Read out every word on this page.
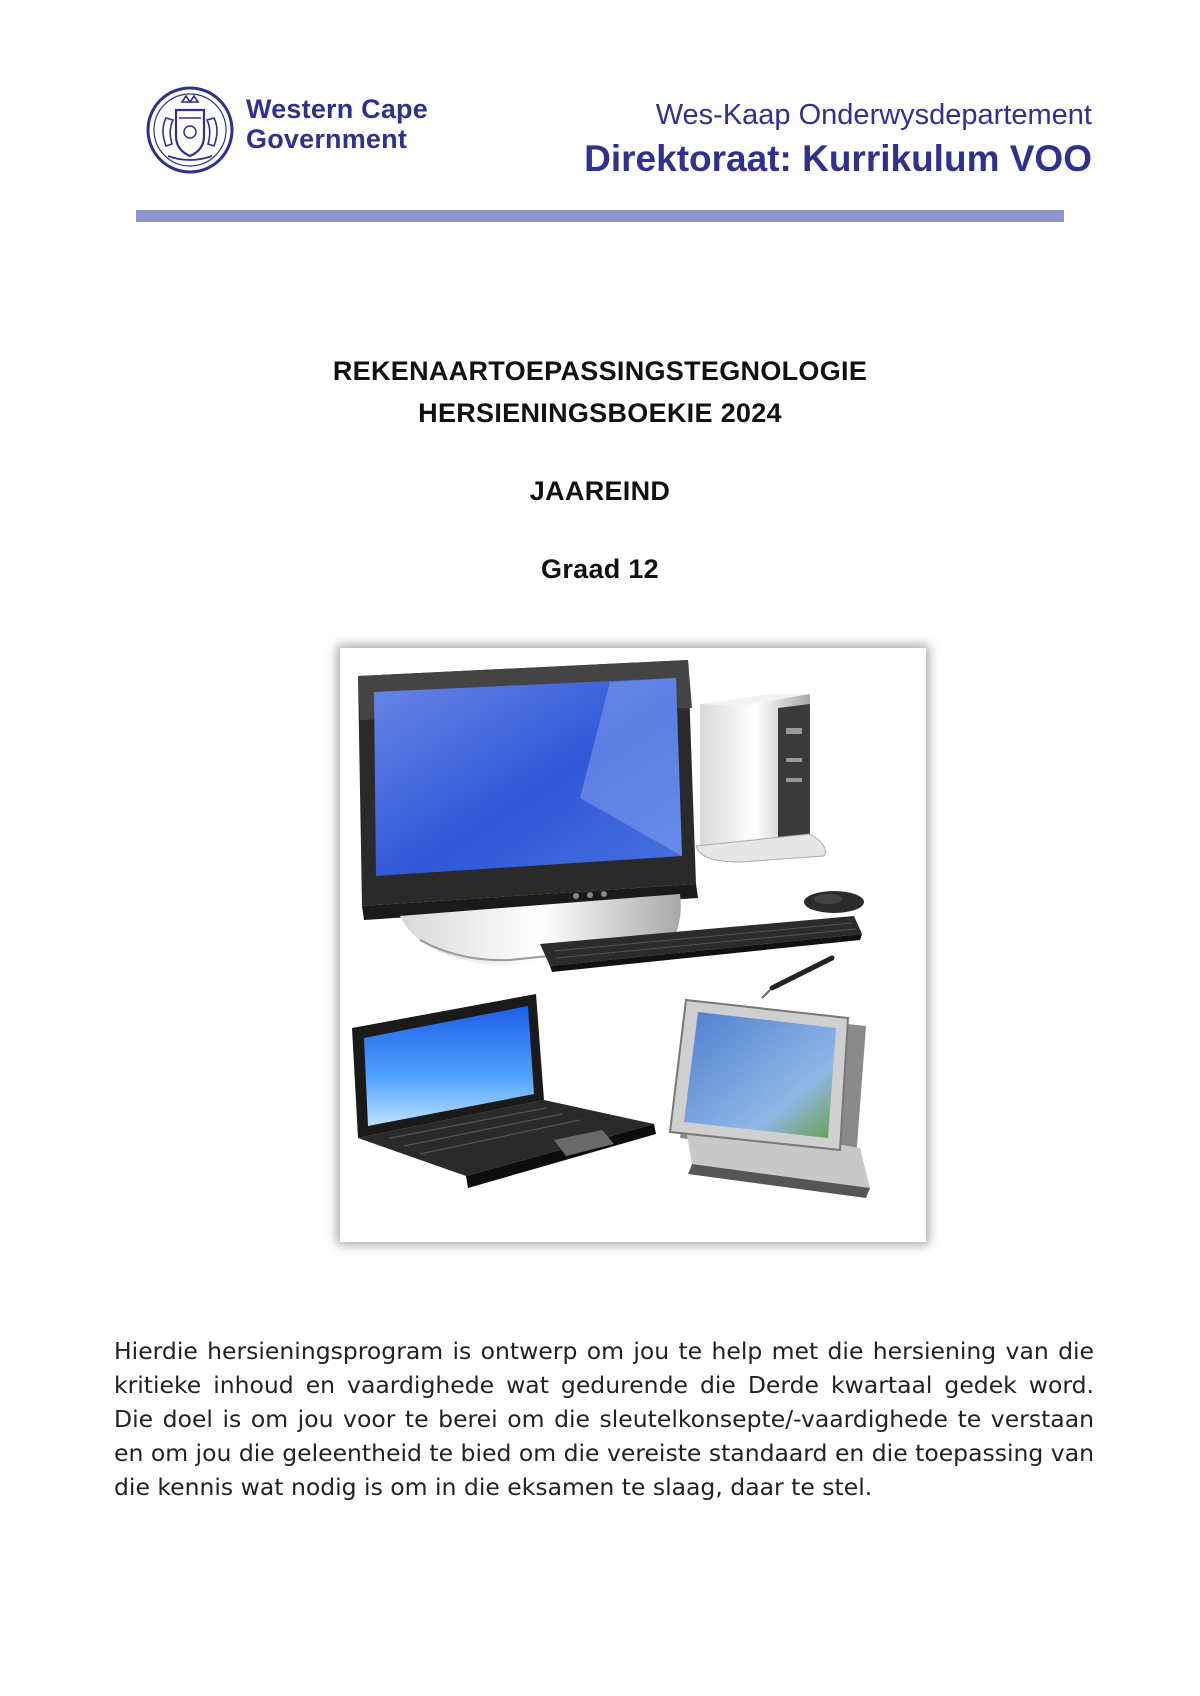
Western Cape
Government
Wes-Kaap Onderwysdepartement
Direktoraat: Kurrikulum VOO
REKENAARTOEPASSINGSTEGNOLOGIE
HERSIENINGSBOEKIE 2024
JAAREIND
Graad 12

Hierdie hersieningsprogram is ontwerp om jou te help met die hersiening van die kritieke inhoud en vaardighede wat gedurende die Derde kwartaal gedek word. Die doel is om jou voor te berei om die sleutelkonsepte/-vaardighede te verstaan en om jou die geleentheid te bied om die vereiste standaard en die toepassing van die kennis wat nodig is om in die eksamen te slaag, daar te stel.
